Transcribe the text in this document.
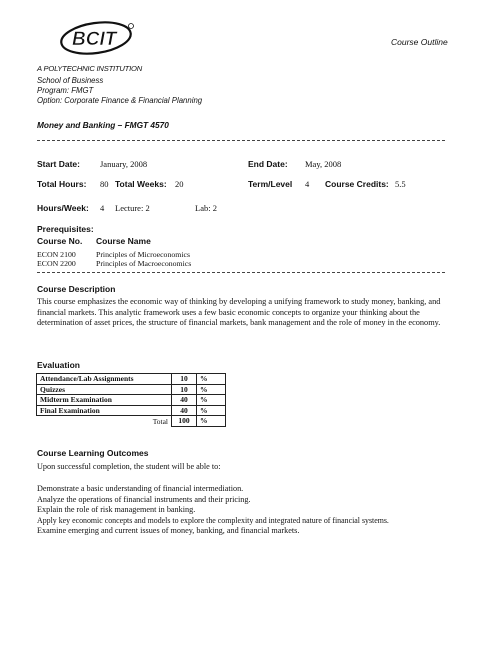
BCIT	Course Outline
A POLYTECHNIC INSTITUTION
School of Business
Program: FMGT
Option: Corporate Finance & Financial Planning
Money and Banking – FMGT 4570
Start Date: January, 2008	End Date: May, 2008
Total Hours: 80 Total Weeks: 20	Term/Level 4 Course Credits: 5.5
Hours/Week: 4 Lecture: 2	Lab: 2
Prerequisites:
Course No. Course Name
ECON 2100	Principles of Microeconomics
ECON 2200	Principles of Macroeconomics
Course Description
This course emphasizes the economic way of thinking by developing a unifying framework to study money, banking, and financial markets. This analytic framework uses a few basic economic concepts to organize your thinking about the determination of asset prices, the structure of financial markets, bank management and the role of money in the economy.
Evaluation
Attendance/Lab Assignments	10	%
Quizzes	10	%
Midterm Examination	40	%
Final Examination	40	%
Total	100	%
Course Learning Outcomes
Upon successful completion, the student will be able to:
Demonstrate a basic understanding of financial intermediation.
Analyze the operations of financial instruments and their pricing.
Explain the role of risk management in banking.
Apply key economic concepts and models to explore the complexity and integrated nature of financial systems.
Examine emerging and current issues of money, banking, and financial markets.
